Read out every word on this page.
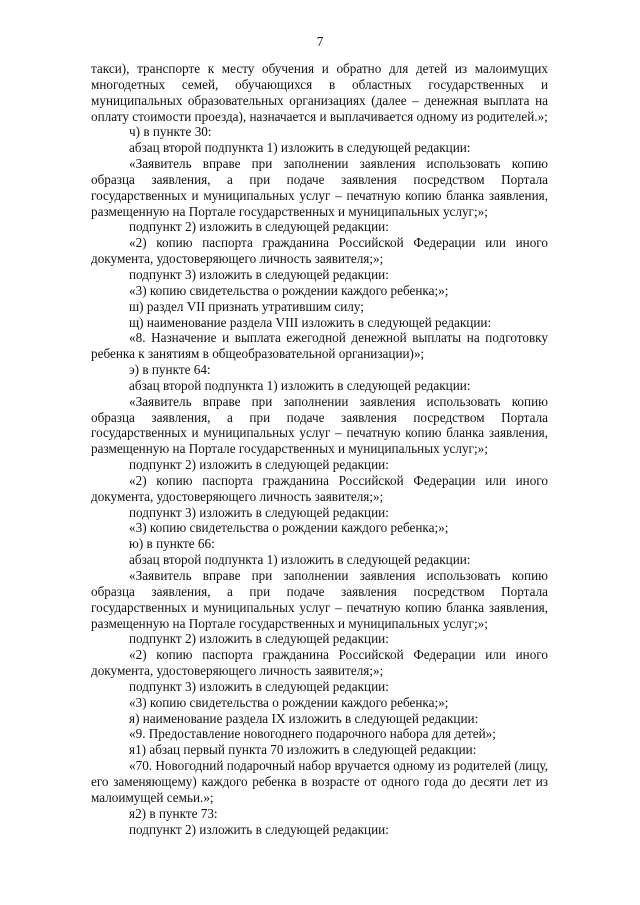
7

такси), транспорте к месту обучения и обратно для детей из малоимущих многодетных семей, обучающихся в областных государственных и муниципальных образовательных организациях (далее – денежная выплата на оплату стоимости проезда), назначается и выплачивается одному из родителей.»;

ч) в пункте 30:

абзац второй подпункта 1) изложить в следующей редакции:

«Заявитель вправе при заполнении заявления использовать копию образца заявления, а при подаче заявления посредством Портала государственных и муниципальных услуг – печатную копию бланка заявления, размещенную на Портале государственных и муниципальных услуг;»;

подпункт 2) изложить в следующей редакции:

«2) копию паспорта гражданина Российской Федерации или иного документа, удостоверяющего личность заявителя;»;

подпункт 3) изложить в следующей редакции:

«3) копию свидетельства о рождении каждого ребенка;»;

ш) раздел VII признать утратившим силу;

щ) наименование раздела VIII изложить в следующей редакции:

«8. Назначение и выплата ежегодной денежной выплаты на подготовку ребенка к занятиям в общеобразовательной организации)»;

э) в пункте 64:

абзац второй подпункта 1) изложить в следующей редакции:

«Заявитель вправе при заполнении заявления использовать копию образца заявления, а при подаче заявления посредством Портала государственных и муниципальных услуг – печатную копию бланка заявления, размещенную на Портале государственных и муниципальных услуг;»;

подпункт 2) изложить в следующей редакции:

«2) копию паспорта гражданина Российской Федерации или иного документа, удостоверяющего личность заявителя;»;

подпункт 3) изложить в следующей редакции:

«3) копию свидетельства о рождении каждого ребенка;»;

ю) в пункте 66:

абзац второй подпункта 1) изложить в следующей редакции:

«Заявитель вправе при заполнении заявления использовать копию образца заявления, а при подаче заявления посредством Портала государственных и муниципальных услуг – печатную копию бланка заявления, размещенную на Портале государственных и муниципальных услуг;»;

подпункт 2) изложить в следующей редакции:

«2) копию паспорта гражданина Российской Федерации или иного документа, удостоверяющего личность заявителя;»;

подпункт 3) изложить в следующей редакции:

«3) копию свидетельства о рождении каждого ребенка;»;

я) наименование раздела IX изложить в следующей редакции:

«9. Предоставление новогоднего подарочного набора для детей»;

я1) абзац первый пункта 70 изложить в следующей редакции:

«70. Новогодний подарочный набор вручается одному из родителей (лицу, его заменяющему) каждого ребенка в возрасте от одного года до десяти лет из малоимущей семьи.»;

я2) в пункте 73:

подпункт 2) изложить в следующей редакции:
